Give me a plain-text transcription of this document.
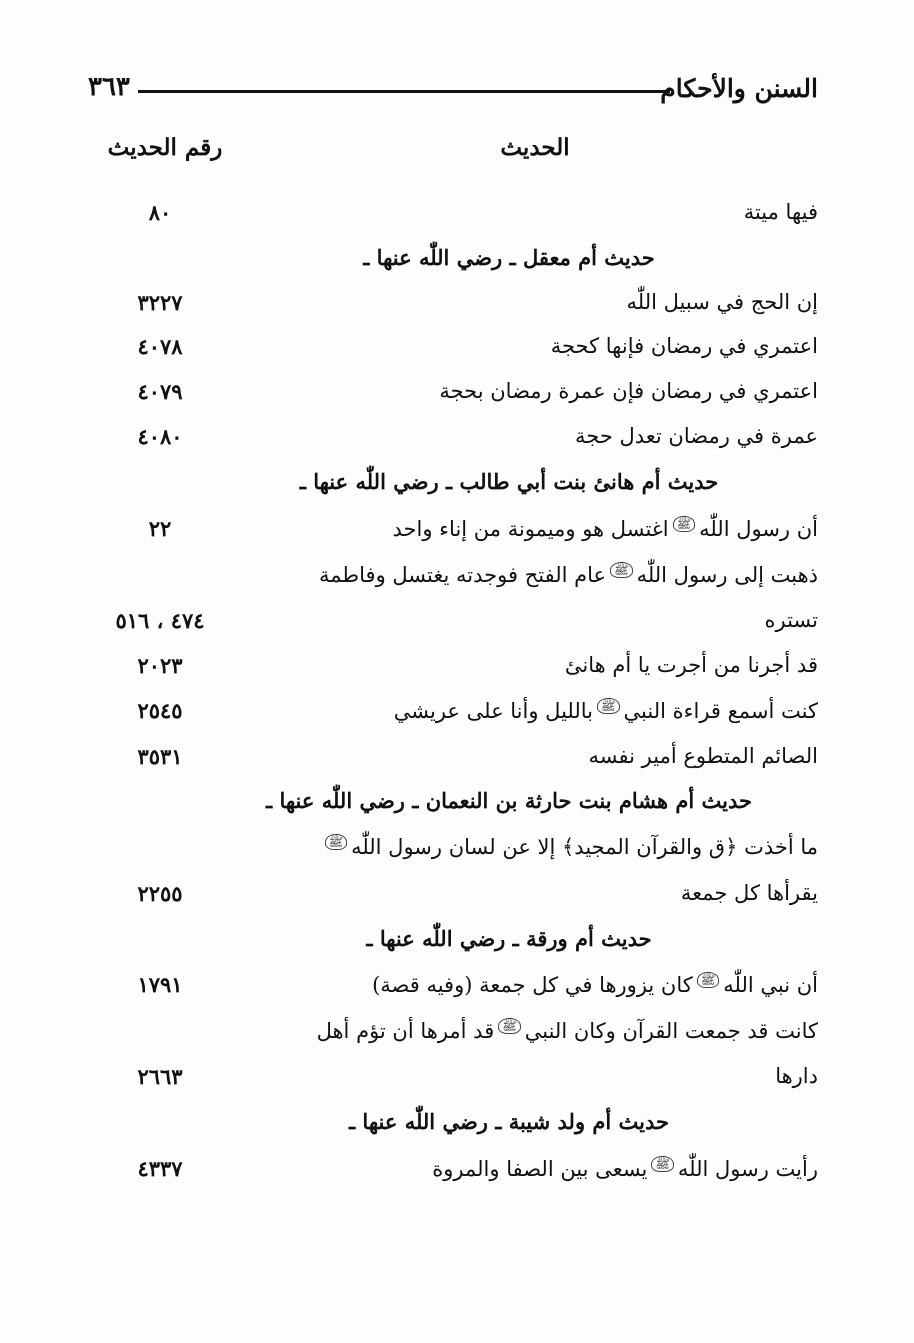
السنن والأحكام
٣٦٣
الحديث
رقم الحديث
فيها ميتة
٨٠
حديث أم معقل ـ رضي اللّٰه عنها ـ
إن الحج في سبيل اللّٰه
٣٢٢٧
اعتمري في رمضان فإنها كحجة
٤٠٧٨
اعتمري في رمضان فإن عمرة رمضان بحجة
٤٠٧٩
عمرة في رمضان تعدل حجة
٤٠٨٠
حديث أم هانئ بنت أبي طالب ـ رضي اللّٰه عنها ـ
أن رسول اللّٰهﷺاغتسل هو وميمونة من إناء واحد
٢٢
ذهبت إلى رسول اللّٰهﷺعام الفتح فوجدته يغتسل وفاطمة
تستره
٤٧٤ ، ٥١٦
قد أجرنا من أجرت يا أم هانئ
٢٠٢٣
كنت أسمع قراءة النبيﷺبالليل وأنا على عريشي
٢٥٤٥
الصائم المتطوع أمير نفسه
٣٥٣١
حديث أم هشام بنت حارثة بن النعمان ـ رضي اللّٰه عنها ـ
ما أخذت ﴿ق والقرآن المجيد﴾ إلا عن لسان رسول اللّٰهﷺ
يقرأها كل جمعة
٢٢٥٥
حديث أم ورقة ـ رضي اللّٰه عنها ـ
أن نبي اللّٰهﷺكان يزورها في كل جمعة (وفيه قصة)
١٧٩١
كانت قد جمعت القرآن وكان النبيﷺقد أمرها أن تؤم أهل
دارها
٢٦٦٣
حديث أم ولد شيبة ـ رضي اللّٰه عنها ـ
رأيت رسول اللّٰهﷺيسعى بين الصفا والمروة
٤٣٣٧
